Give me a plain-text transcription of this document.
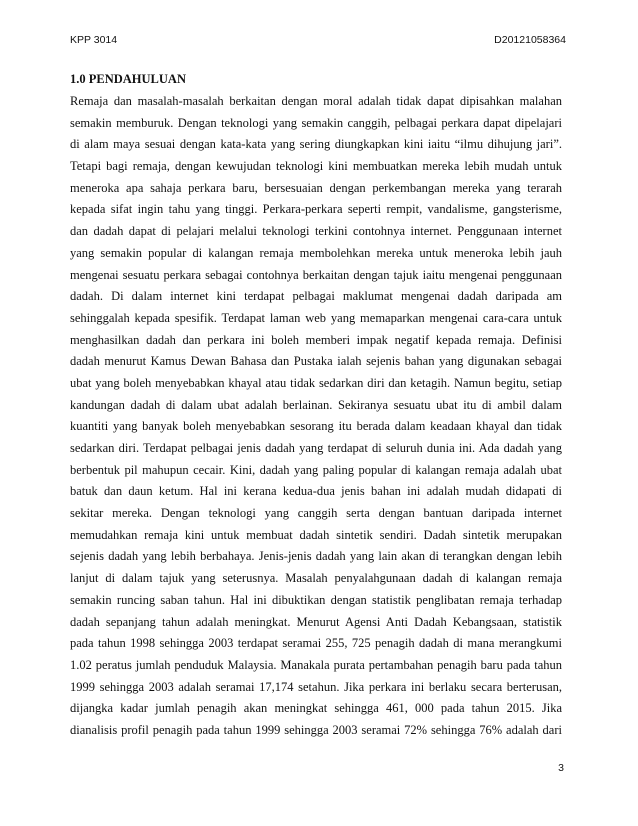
KPP 3014	D20121058364
1.0 PENDAHULUAN
Remaja dan masalah-masalah berkaitan dengan moral adalah tidak dapat dipisahkan malahan
semakin memburuk. Dengan teknologi yang semakin canggih, pelbagai perkara dapat dipelajari
di alam maya sesuai dengan kata-kata yang sering diungkapkan kini iaitu “ilmu dihujung jari”.
Tetapi bagi remaja, dengan kewujudan teknologi kini membuatkan mereka lebih mudah untuk
meneroka apa sahaja perkara baru, bersesuaian dengan perkembangan mereka yang terarah
kepada sifat ingin tahu yang tinggi. Perkara-perkara seperti rempit, vandalisme, gangsterisme,
dan dadah dapat di pelajari melalui teknologi terkini contohnya internet. Penggunaan internet
yang semakin popular di kalangan remaja membolehkan mereka untuk meneroka lebih jauh
mengenai sesuatu perkara sebagai contohnya berkaitan dengan tajuk iaitu mengenai penggunaan
dadah. Di dalam internet kini terdapat pelbagai maklumat mengenai dadah daripada am
sehinggalah kepada spesifik. Terdapat laman web yang memaparkan mengenai cara-cara untuk
menghasilkan dadah dan perkara ini boleh memberi impak negatif kepada remaja. Definisi
dadah menurut Kamus Dewan Bahasa dan Pustaka ialah sejenis bahan yang digunakan sebagai
ubat yang boleh menyebabkan khayal atau tidak sedarkan diri dan ketagih. Namun begitu, setiap
kandungan dadah di dalam ubat adalah berlainan. Sekiranya sesuatu ubat itu di ambil dalam
kuantiti yang banyak boleh menyebabkan sesorang itu berada dalam keadaan khayal dan tidak
sedarkan diri. Terdapat pelbagai jenis dadah yang terdapat di seluruh dunia ini. Ada dadah yang
berbentuk pil mahupun cecair. Kini, dadah yang paling popular di kalangan remaja adalah ubat
batuk dan daun ketum. Hal ini kerana kedua-dua jenis bahan ini adalah mudah didapati di
sekitar mereka. Dengan teknologi yang canggih serta dengan bantuan daripada internet
memudahkan remaja kini untuk membuat dadah sintetik sendiri. Dadah sintetik merupakan
sejenis dadah yang lebih berbahaya. Jenis-jenis dadah yang lain akan di terangkan dengan lebih
lanjut di dalam tajuk yang seterusnya. Masalah penyalahgunaan dadah di kalangan remaja
semakin runcing saban tahun. Hal ini dibuktikan dengan statistik penglibatan remaja terhadap
dadah sepanjang tahun adalah meningkat. Menurut Agensi Anti Dadah Kebangsaan, statistik
pada tahun 1998 sehingga 2003 terdapat seramai 255, 725 penagih dadah di mana merangkumi
1.02 peratus jumlah penduduk Malaysia. Manakala purata pertambahan penagih baru pada tahun
1999 sehingga 2003 adalah seramai 17,174 setahun. Jika perkara ini berlaku secara berterusan,
dijangka kadar jumlah penagih akan meningkat sehingga 461, 000 pada tahun 2015. Jika
dianalisis profil penagih pada tahun 1999 sehingga 2003 seramai 72% sehingga 76% adalah dari
3
